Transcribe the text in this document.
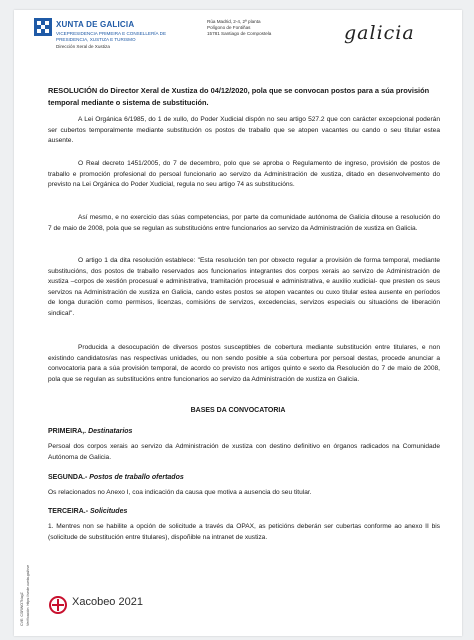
XUNTA DE GALICIA
VICEPRESIDENCIA PRIMEIRA E CONSELLERÍA DE PRESIDENCIA, XUSTIZA E TURISMO
Dirección Xeral de Xustiza
Rúa Madrid, 2-4, 2ª planta
Polígono de Fontiñas
15781 Santiago de Compostela	galicia
RESOLUCIÓN do Director Xeral de Xustiza do 04/12/2020, pola que se convocan postos para a súa provisión temporal mediante o sistema de substitución.
A Lei Orgánica 6/1985, do 1 de xullo, do Poder Xudicial dispón no seu artigo 527.2 que con carácter excepcional poderán ser cubertos temporalmente mediante substitución os postos de traballo que se atopen vacantes ou cando o seu titular estea ausente.
O Real decreto 1451/2005, do 7 de decembro, polo que se aproba o Regulamento de ingreso, provisión de postos de traballo e promoción profesional do persoal funcionario ao servizo da Administración de xustiza, ditado en desenvolvemento do previsto na Lei Orgánica do Poder Xudicial, regula no seu artigo 74 as substitucións.
Así mesmo, e no exercicio das súas competencias, por parte da comunidade autónoma de Galicia ditouse a resolución do 7 de maio de 2008, pola que se regulan as substitucións entre funcionarios ao servizo da Administración de xustiza en Galicia.
O artigo 1 da dita resolución establece: "Esta resolución ten por obxecto regular a provisión de forma temporal, mediante substitucións, dos postos de traballo reservados aos funcionarios integrantes dos corpos xerais ao servizo de Administración de xustiza –corpos de xestión procesual e administrativa, tramitación procesual e administrativa, e auxilio xudicial- que presten os seus servizos na Administración de xustiza en Galicia, cando estes postos se atopen vacantes ou cuxo titular estea ausente en períodos de longa duración como permisos, licenzas, comisións de servizos, excedencias, servizos especiais ou situacións de liberación sindical".
Producida a desocupación de diversos postos susceptibles de cobertura mediante substitución entre titulares, e non existindo candidatos/as nas respectivas unidades, ou non sendo posible a súa cobertura por persoal destas, procede anunciar a convocatoria para a súa provisión temporal, de acordo co previsto nos artigos quinto e sexto da Resolución do 7 de maio de 2008, pola que se regulan as substitucións entre funcionarios ao servizo da Administración de xustiza en Galicia.
BASES DA CONVOCATORIA
PRIMEIRA,. Destinatarios
Persoal dos corpos xerais ao servizo da Administración de xustiza con destino definitivo en órganos radicados na Comunidade Autónoma de Galicia.
SEGUNDA.- Postos de traballo ofertados
Os relacionados no Anexo I, coa indicación da causa que motiva a ausencia do seu titular.
TERCEIRA.- Solicitudes
1. Mentres non se habilite a opción de solicitude a través da OPAX, as peticións deberán ser cubertas conforme ao anexo II bis (solicitude de substitución entre titulares), dispoñible na intranet de xustiza.
CVE: CSRWO7NxgZ Verificación: https://sede.xunta.gal/cve	Xacobeo 2021
